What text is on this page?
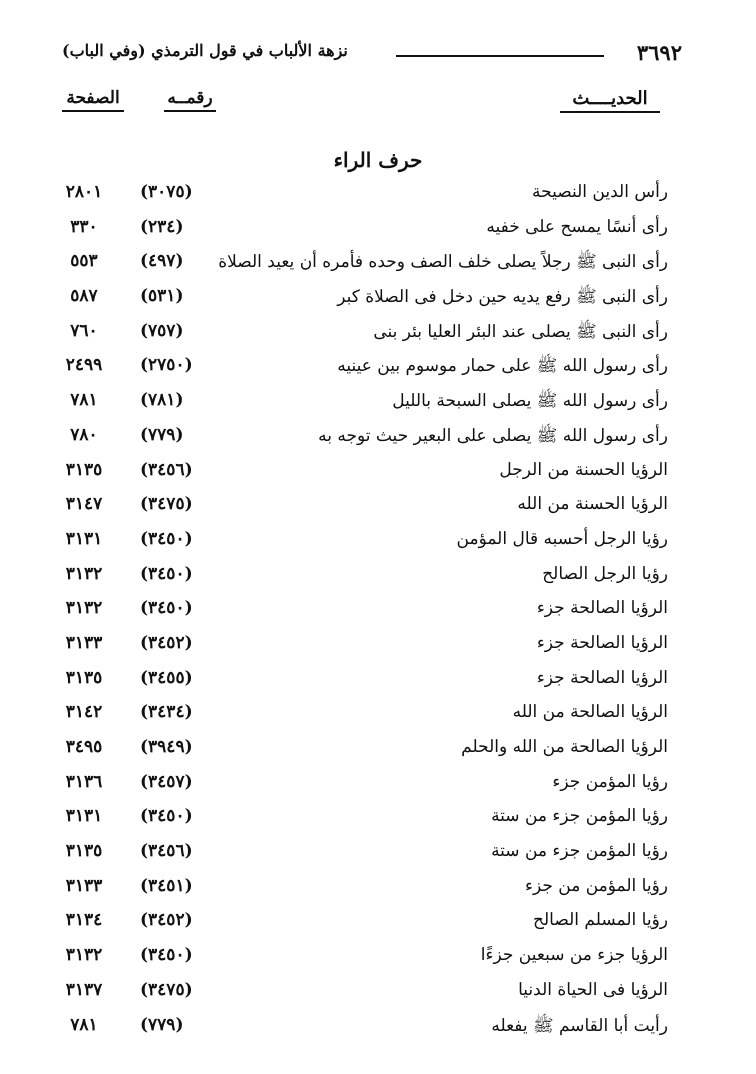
٣٦٩٢
نزهة الألباب في قول الترمذي (وفي الباب)
الحديــــث
رقمــه
الصفحة
حرف الراء
رأس الدين النصيحة
(٣٠٧٥)
٢٨٠١
رأى أنسًا يمسح على خفيه
(٢٣٤)
٣٣٠
رأى النبى ﷺ رجلاً يصلى خلف الصف وحده فأمره أن يعيد الصلاة
(٤٩٧)
٥٥٣
رأى النبى ﷺ رفع يديه حين دخل فى الصلاة كبر
(٥٣١)
٥٨٧
رأى النبى ﷺ يصلى عند البئر العليا بئر بنى
(٧٥٧)
٧٦٠
رأى رسول الله ﷺ على حمار موسوم بين عينيه
(٢٧٥٠)
٢٤٩٩
رأى رسول الله ﷺ يصلى السبحة بالليل
(٧٨١)
٧٨١
رأى رسول الله ﷺ يصلى على البعير حيث توجه به
(٧٧٩)
٧٨٠
الرؤيا الحسنة من الرجل
(٣٤٥٦)
٣١٣٥
الرؤيا الحسنة من الله
(٣٤٧٥)
٣١٤٧
رؤيا الرجل أحسبه قال المؤمن
(٣٤٥٠)
٣١٣١
رؤيا الرجل الصالح
(٣٤٥٠)
٣١٣٢
الرؤيا الصالحة جزء
(٣٤٥٠)
٣١٣٢
الرؤيا الصالحة جزء
(٣٤٥٢)
٣١٣٣
الرؤيا الصالحة جزء
(٣٤٥٥)
٣١٣٥
الرؤيا الصالحة من الله
(٣٤٣٤)
٣١٤٢
الرؤيا الصالحة من الله والحلم
(٣٩٤٩)
٣٤٩٥
رؤيا المؤمن جزء
(٣٤٥٧)
٣١٣٦
رؤيا المؤمن جزء من ستة
(٣٤٥٠)
٣١٣١
رؤيا المؤمن جزء من ستة
(٣٤٥٦)
٣١٣٥
رؤيا المؤمن من جزء
(٣٤٥١)
٣١٣٣
رؤيا المسلم الصالح
(٣٤٥٢)
٣١٣٤
الرؤيا جزء من سبعين جزءًا
(٣٤٥٠)
٣١٣٢
الرؤيا فى الحياة الدنيا
(٣٤٧٥)
٣١٣٧
رأيت أبا القاسم ﷺ يفعله
(٧٧٩)
٧٨١
